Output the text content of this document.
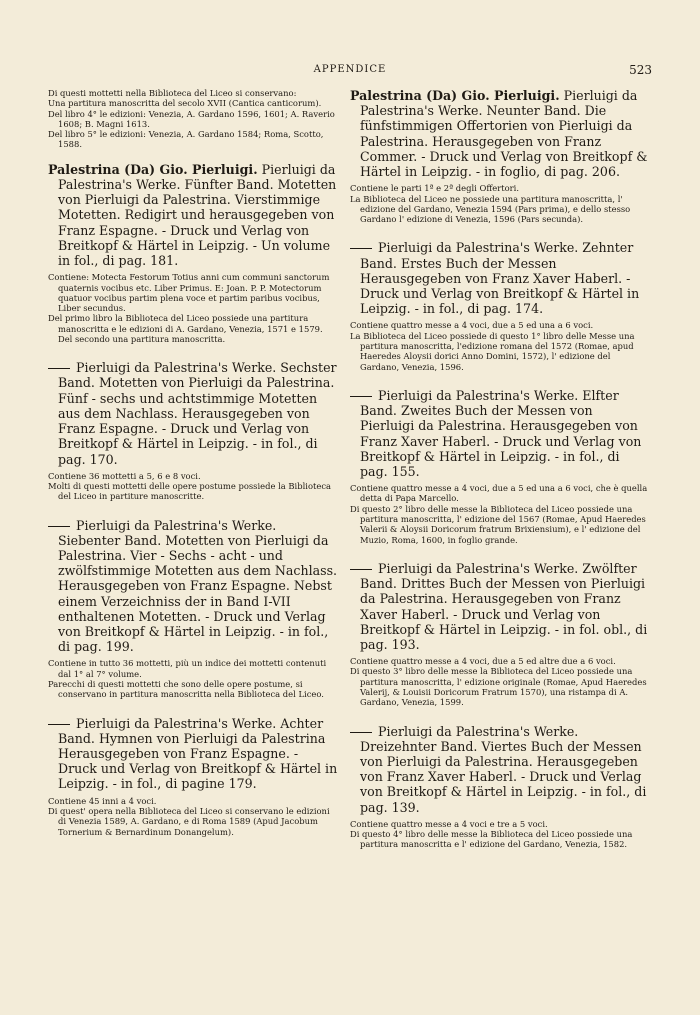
APPENDICE	523

Di questi mottetti nella Biblioteca del Liceo si conservano:

Una partitura manoscritta del secolo XVII (Cantica canticorum).

Del libro 4° le edizioni: Venezia, A. Gardano 1596, 1601; A. Raverio 1608; B. Magni 1613.

Del libro 5° le edizioni: Venezia, A. Gardano 1584; Roma, Scotto, 1588.

Palestrina (Da) Gio. Pierluigi. Pierluigi da Palestrina's Werke. Fünfter Band. Motetten von Pierluigi da Palestrina. Vierstimmige Motetten. Redigirt und herausgegeben von Franz Espagne. - Druck und Verlag von Breitkopf & Härtel in Leipzig. - Un volume in fol., di pag. 181.

Contiene: Motecta Festorum Totius anni cum communi sanctorum quaternis vocibus etc. Liber Primus. E: Joan. P. P. Motectorum quatuor vocibus partim plena voce et partim paribus vocibus, Liber secundus.

Del primo libro la Biblioteca del Liceo possiede una partitura manoscritta e le edizioni di A. Gardano, Venezia, 1571 e 1579. Del secondo una partitura manoscritta.

Pierluigi da Palestrina's Werke. Sechster Band. Motetten von Pierluigi da Palestrina. Fünf - sechs und achtstimmige Motetten aus dem Nachlass. Herausgegeben von Franz Espagne. - Druck und Verlag von Breitkopf & Härtel in Leipzig. - in fol., di pag. 170.

Contiene 36 mottetti a 5, 6 e 8 voci.

Molti di questi mottetti delle opere postume possiede la Biblioteca del Liceo in partiture manoscritte.

Pierluigi da Palestrina's Werke. Siebenter Band. Motetten von Pierluigi da Palestrina. Vier - Sechs - acht - und zwölfstimmige Motetten aus dem Nachlass. Herausgegeben von Franz Espagne. Nebst einem Verzeichniss der in Band I-VII enthaltenen Motetten. - Druck und Verlag von Breitkopf & Härtel in Leipzig. - in fol., di pag. 199.

Contiene in tutto 36 mottetti, più un indice dei mottetti contenuti dal 1° al 7° volume.

Parecchi di questi mottetti che sono delle opere postume, si conservano in partitura manoscritta nella Biblioteca del Liceo.

Pierluigi da Palestrina's Werke. Achter Band. Hymnen von Pierluigi da Palestrina Herausgegeben von Franz Espagne. - Druck und Verlag von Breitkopf & Härtel in Leipzig. - in fol., di pagine 179.

Contiene 45 inni a 4 voci.

Di quest' opera nella Biblioteca del Liceo si conservano le edizioni di Venezia 1589, A. Gardano, e di Roma 1589 (Apud Jacobum Tornerium & Bernardinum Donangelum).

Palestrina (Da) Gio. Pierluigi. Pierluigi da Palestrina's Werke. Neunter Band. Die fünfstimmigen Offertorien von Pierluigi da Palestrina. Herausgegeben von Franz Commer. - Druck und Verlag von Breitkopf & Härtel in Leipzig. - in foglio, di pag. 206.

Contiene le parti 1ª e 2ª degli Offertori.

La Biblioteca del Liceo ne possiede una partitura manoscritta, l' edizione del Gardano, Venezia 1594 (Pars prima), e dello stesso Gardano l' edizione di Venezia, 1596 (Pars secunda).

Pierluigi da Palestrina's Werke. Zehnter Band. Erstes Buch der Messen Herausgegeben von Franz Xaver Haberl. - Druck und Verlag von Breitkopf & Härtel in Leipzig. - in fol., di pag. 174.

Contiene quattro messe a 4 voci, due a 5 ed una a 6 voci.

La Biblioteca del Liceo possiede di questo 1° libro delle Messe una partitura manoscritta, l'edizione romana del 1572 (Romae, apud Haeredes Aloysii dorici Anno Domini, 1572), l' edizione del Gardano, Venezia, 1596.

Pierluigi da Palestrina's Werke. Elfter Band. Zweites Buch der Messen von Pierluigi da Palestrina. Herausgegeben von Franz Xaver Haberl. - Druck und Verlag von Breitkopf & Härtel in Leipzig. - in fol., di pag. 155.

Contiene quattro messe a 4 voci, due a 5 ed una a 6 voci, che è quella detta di Papa Marcello.

Di questo 2° libro delle messe la Biblioteca del Liceo possiede una partitura manoscritta, l' edizione del 1567 (Romae, Apud Haeredes Valerii & Aloysii Doricorum fratrum Brixiensium), e l' edizione del Muzio, Roma, 1600, in foglio grande.

Pierluigi da Palestrina's Werke. Zwölfter Band. Drittes Buch der Messen von Pierluigi da Palestrina. Herausgegeben von Franz Xaver Haberl. - Druck und Verlag von Breitkopf & Härtel in Leipzig. - in fol. obl., di pag. 193.

Contiene quattro messe a 4 voci, due a 5 ed altre due a 6 voci.

Di questo 3° libro delle messe la Biblioteca del Liceo possiede una partitura manoscritta, l' edizione originale (Romae, Apud Haeredes Valerij, & Louisii Doricorum Fratrum 1570), una ristampa di A. Gardano, Venezia, 1599.

Pierluigi da Palestrina's Werke. Dreizehnter Band. Viertes Buch der Messen von Pierluigi da Palestrina. Herausgegeben von Franz Xaver Haberl. - Druck und Verlag von Breitkopf & Härtel in Leipzig. - in fol., di pag. 139.

Contiene quattro messe a 4 voci e tre a 5 voci.

Di questo 4° libro delle messe la Biblioteca del Liceo possiede una partitura manoscritta e l' edizione del Gardano, Venezia, 1582.
